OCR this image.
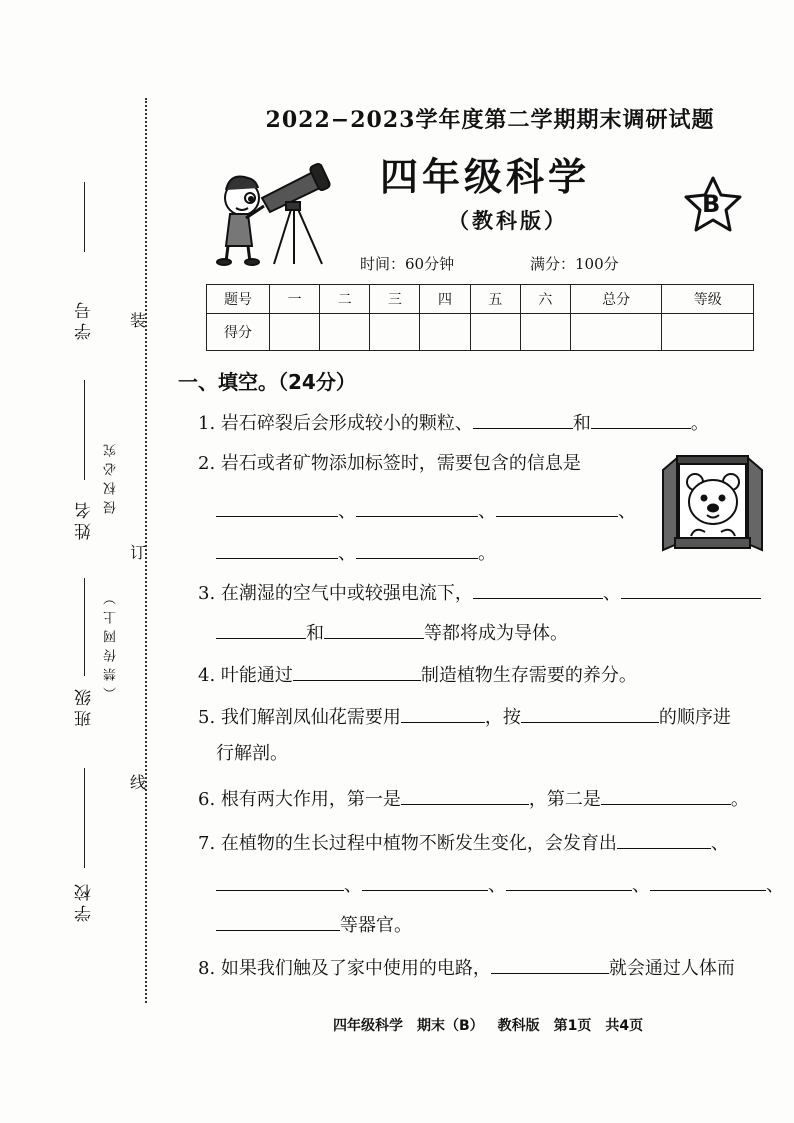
学号
姓名
班级
学校
侵权必究
（禁传网上）
装
订
线
2022−2023学年度第二学期期末调研试题
四年级科学
（教科版）
B
时间：60分钟	满分：100分
题号	一	二	三	四	五	六	总分	等级
得分								
一、填空。（24分）
1. 岩石碎裂后会形成较小的颗粒、	和	。
2. 岩石或者矿物添加标签时，需要包含的信息是
、	、	、
、	。
3. 在潮湿的空气中或较强电流下，	、
和	等都将成为导体。
4. 叶能通过	制造植物生存需要的养分。
5. 我们解剖凤仙花需要用	，按	的顺序进
行解剖。
6. 根有两大作用，第一是	，第二是	。
7. 在植物的生长过程中植物不断发生变化，会发育出	、
、	、	、	、
等器官。
8. 如果我们触及了家中使用的电路，	就会通过人体而
四年级科学 期末（B） 教科版 第1页 共4页
